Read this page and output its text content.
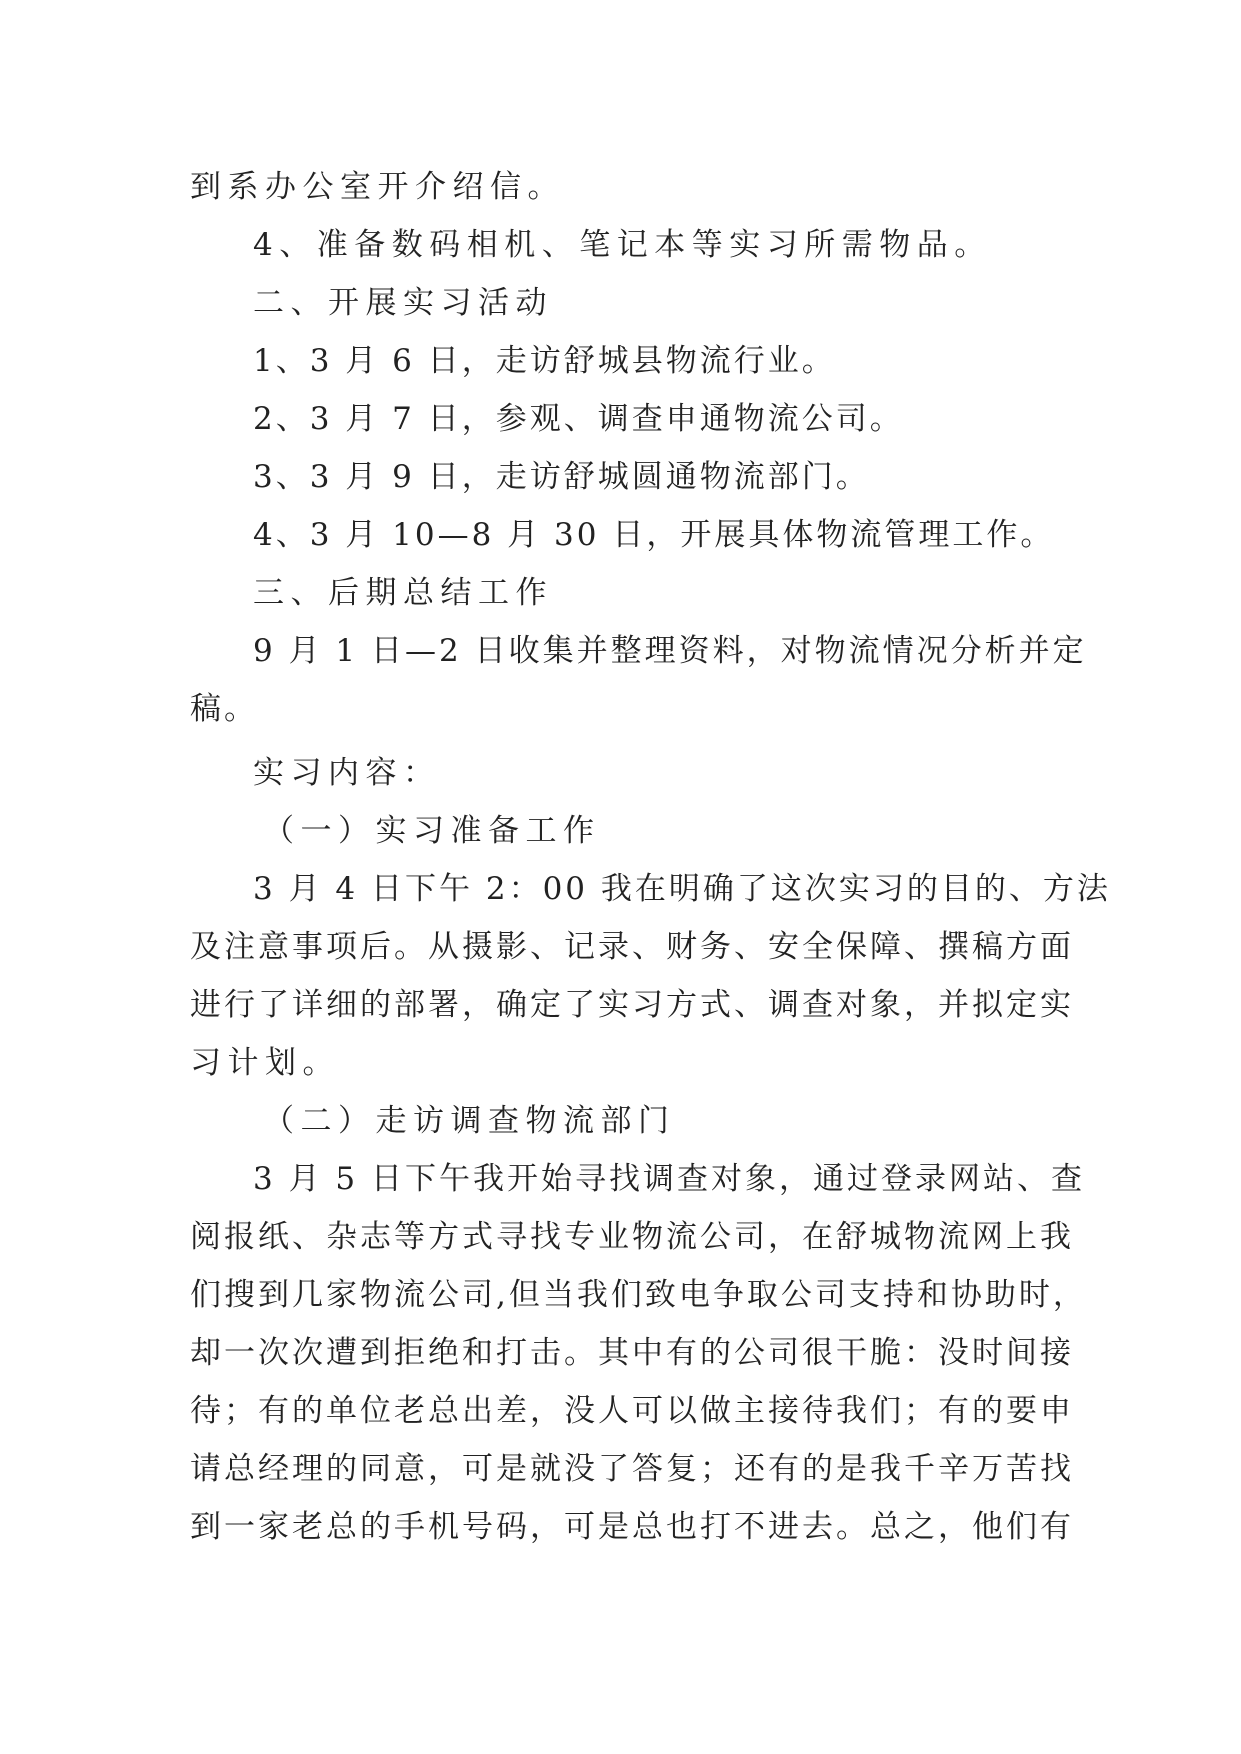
到系办公室开介绍信。
4、准备数码相机、笔记本等实习所需物品。
二、开展实习活动
1、3 月 6 日，走访舒城县物流行业。
2、3 月 7 日，参观、调查申通物流公司。
3、3 月 9 日，走访舒城圆通物流部门。
4、3 月 10—8 月 30 日，开展具体物流管理工作。
三、后期总结工作
9 月 1 日—2 日收集并整理资料，对物流情况分析并定
稿。
实习内容：
（一）实习准备工作
3 月 4 日下午 2：00 我在明确了这次实习的目的、方法
及注意事项后。从摄影、记录、财务、安全保障、撰稿方面
进行了详细的部署，确定了实习方式、调查对象，并拟定实
习计划。
（二）走访调查物流部门
3 月 5 日下午我开始寻找调查对象，通过登录网站、查
阅报纸、杂志等方式寻找专业物流公司，在舒城物流网上我
们搜到几家物流公司,但当我们致电争取公司支持和协助时，
却一次次遭到拒绝和打击。其中有的公司很干脆：没时间接
待；有的单位老总出差，没人可以做主接待我们；有的要申
请总经理的同意，可是就没了答复；还有的是我千辛万苦找
到一家老总的手机号码，可是总也打不进去。总之，他们有
